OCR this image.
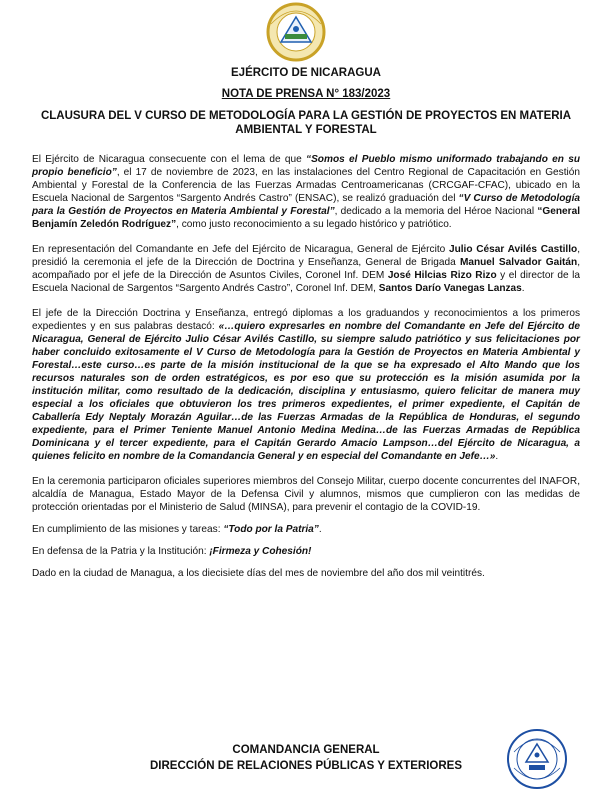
EJÉRCITO DE NICARAGUA
NOTA DE PRENSA N° 183/2023
CLAUSURA DEL V CURSO DE METODOLOGÍA PARA LA GESTIÓN DE PROYECTOS EN MATERIA AMBIENTAL Y FORESTAL

El Ejército de Nicaragua consecuente con el lema de que “Somos el Pueblo mismo uniformado trabajando en su propio beneficio”, el 17 de noviembre de 2023, en las instalaciones del Centro Regional de Capacitación en Gestión Ambiental y Forestal de la Conferencia de las Fuerzas Armadas Centroamericanas (CRCGAF-CFAC), ubicado en la Escuela Nacional de Sargentos “Sargento Andrés Castro” (ENSAC), se realizó graduación del “V Curso de Metodología para la Gestión de Proyectos en Materia Ambiental y Forestal”, dedicado a la memoria del Héroe Nacional “General Benjamín Zeledón Rodríguez”, como justo reconocimiento a su legado histórico y patriótico.

En representación del Comandante en Jefe del Ejército de Nicaragua, General de Ejército Julio César Avilés Castillo, presidió la ceremonia el jefe de la Dirección de Doctrina y Enseñanza, General de Brigada Manuel Salvador Gaitán, acompañado por el jefe de la Dirección de Asuntos Civiles, Coronel Inf. DEM José Hilcias Rizo Rizo y el director de la Escuela Nacional de Sargentos “Sargento Andrés Castro”, Coronel Inf. DEM, Santos Darío Vanegas Lanzas.

El jefe de la Dirección Doctrina y Enseñanza, entregó diplomas a los graduandos y reconocimientos a los primeros expedientes y en sus palabras destacó: «…quiero expresarles en nombre del Comandante en Jefe del Ejército de Nicaragua, General de Ejército Julio César Avilés Castillo, su siempre saludo patriótico y sus felicitaciones por haber concluido exitosamente el V Curso de Metodología para la Gestión de Proyectos en Materia Ambiental y Forestal…este curso…es parte de la misión institucional de la que se ha expresado el Alto Mando que los recursos naturales son de orden estratégicos, es por eso que su protección es la misión asumida por la institución militar, como resultado de la dedicación, disciplina y entusiasmo, quiero felicitar de manera muy especial a los oficiales que obtuvieron los tres primeros expedientes, el primer expediente, el Capitán de Caballería Edy Neptaly Morazán Aguilar…de las Fuerzas Armadas de la República de Honduras, el segundo expediente, para el Primer Teniente Manuel Antonio Medina Medina…de las Fuerzas Armadas de República Dominicana y el tercer expediente, para el Capitán Gerardo Amacio Lampson…del Ejército de Nicaragua, a quienes felicito en nombre de la Comandancia General y en especial del Comandante en Jefe…».

En la ceremonia participaron oficiales superiores miembros del Consejo Militar, cuerpo docente concurrentes del INAFOR, alcaldía de Managua, Estado Mayor de la Defensa Civil y alumnos, mismos que cumplieron con las medidas de protección orientadas por el Ministerio de Salud (MINSA), para prevenir el contagio de la COVID-19.

En cumplimiento de las misiones y tareas: “Todo por la Patria”.

En defensa de la Patria y la Institución: ¡Firmeza y Cohesión!

Dado en la ciudad de Managua, a los diecisiete días del mes de noviembre del año dos mil veintitrés.

COMANDANCIA GENERAL
DIRECCIÓN DE RELACIONES PÚBLICAS Y EXTERIORES
